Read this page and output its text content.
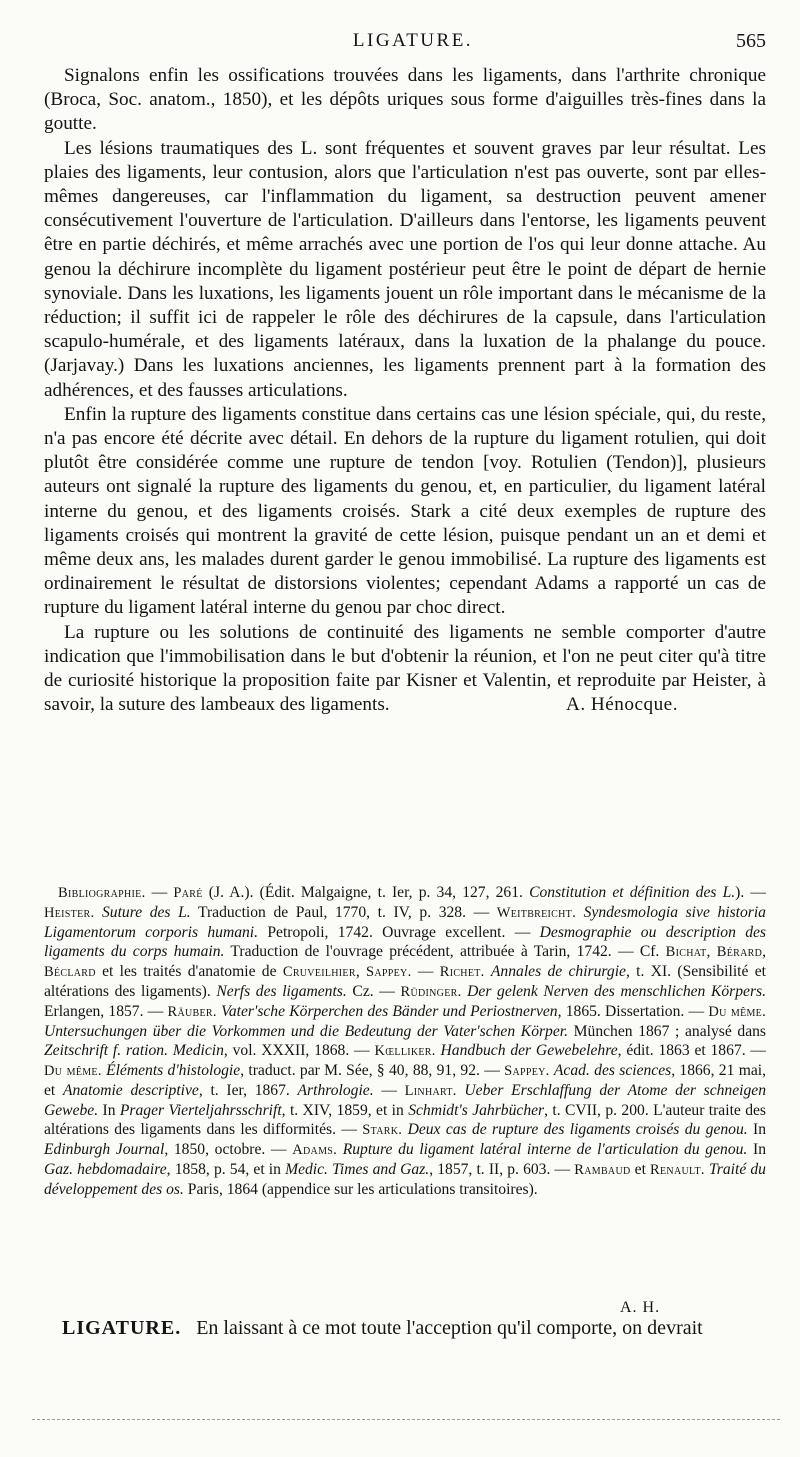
LIGATURE.	565

Signalons enfin les ossifications trouvées dans les ligaments, dans l'arthrite chronique (Broca, Soc. anatom., 1850), et les dépôts uriques sous forme d'aiguilles très-fines dans la goutte.

Les lésions traumatiques des L. sont fréquentes et souvent graves par leur résultat. Les plaies des ligaments, leur contusion, alors que l'articulation n'est pas ouverte, sont par elles-mêmes dangereuses, car l'inflammation du ligament, sa destruction peuvent amener consécutivement l'ouverture de l'articulation. D'ailleurs dans l'entorse, les ligaments peuvent être en partie déchirés, et même arrachés avec une portion de l'os qui leur donne attache. Au genou la déchirure incomplète du ligament postérieur peut être le point de départ de hernie synoviale. Dans les luxations, les ligaments jouent un rôle important dans le mécanisme de la réduction; il suffit ici de rappeler le rôle des déchirures de la capsule, dans l'articulation scapulo-humérale, et des ligaments latéraux, dans la luxation de la phalange du pouce. (Jarjavay.) Dans les luxations anciennes, les ligaments prennent part à la formation des adhérences, et des fausses articulations.

Enfin la rupture des ligaments constitue dans certains cas une lésion spéciale, qui, du reste, n'a pas encore été décrite avec détail. En dehors de la rupture du ligament rotulien, qui doit plutôt être considérée comme une rupture de tendon [voy. Rotulien (Tendon)], plusieurs auteurs ont signalé la rupture des ligaments du genou, et, en particulier, du ligament latéral interne du genou, et des ligaments croisés. Stark a cité deux exemples de rupture des ligaments croisés qui montrent la gravité de cette lésion, puisque pendant un an et demi et même deux ans, les malades durent garder le genou immobilisé. La rupture des ligaments est ordinairement le résultat de distorsions violentes; cependant Adams a rapporté un cas de rupture du ligament latéral interne du genou par choc direct.

La rupture ou les solutions de continuité des ligaments ne semble comporter d'autre indication que l'immobilisation dans le but d'obtenir la réunion, et l'on ne peut citer qu'à titre de curiosité historique la proposition faite par Kisner et Valentin, et reproduite par Heister, à savoir, la suture des lambeaux des ligaments.	A. Hénocque.
Bibliographie. — Paré (J. A.). (Édit. Malgaigne, t. Ier, p. 34, 127, 261. Constitution et définition des L.). — Heister. Suture des L. Traduction de Paul, 1770, t. IV, p. 328. — Weitbreicht. Syndesmologia sive historia Ligamentorum corporis humani. Petropoli, 1742. Ouvrage excellent. — Desmographie ou description des ligaments du corps humain. Traduction de l'ouvrage précédent, attribuée à Tarin, 1742. — Cf. Bichat, Bérard, Béclard et les traités d'anatomie de Cruveilhier, Sappey. — Richet. Annales de chirurgie, t. XI. (Sensibilité et altérations des ligaments). Nerfs des ligaments. Cz. — Rüdinger. Der gelenk Nerven des menschlichen Körpers. Erlangen, 1857. — Räuber. Vater'sche Körperchen des Bänder und Periostnerven, 1865. Dissertation. — Du même. Untersuchungen über die Vorkommen und die Bedeutung der Vater'schen Körper. München 1867 ; analysé dans Zeitschrift f. ration. Medicin, vol. XXXII, 1868. — Kœlliker. Handbuch der Gewebelehre, édit. 1863 et 1867. — Du même. Éléments d'histologie, traduct. par M. Sée, § 40, 88, 91, 92. — Sappey. Acad. des sciences, 1866, 21 mai, et Anatomie descriptive, t. Ier, 1867. Arthrologie. — Linhart. Ueber Erschlaffung der Atome der schneigen Gewebe. In Prager Vierteljahrsschrift, t. XIV, 1859, et in Schmidt's Jahrbücher, t. CVII, p. 200. L'auteur traite des altérations des ligaments dans les difformités. — Stark. Deux cas de rupture des ligaments croisés du genou. In Edinburgh Journal, 1850, octobre. — Adams. Rupture du ligament latéral interne de l'articulation du genou. In Gaz. hebdomadaire, 1858, p. 54, et in Medic. Times and Gaz., 1857, t. II, p. 603. — Rambaud et Renault. Traité du développement des os. Paris, 1864 (appendice sur les articulations transitoires).
A. H.
LIGATURE. En laissant à ce mot toute l'acception qu'il comporte, on devrait
